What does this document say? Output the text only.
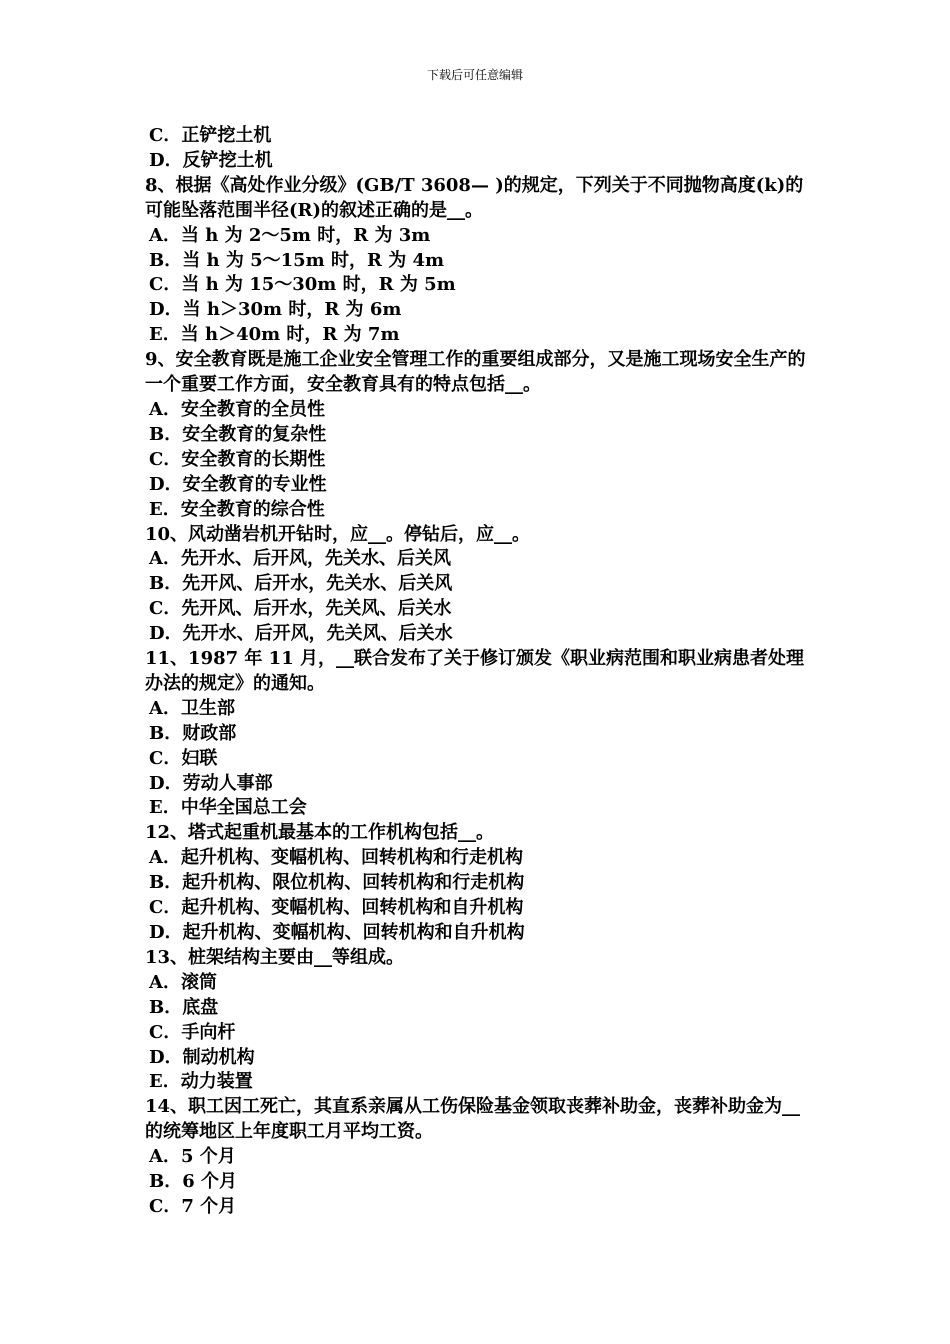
下载后可任意编辑

C．正铲挖土机

D．反铲挖土机

8、根据《高处作业分级》(GB/T 3608— )的规定，下列关于不同抛物高度(k)的可能坠落范围半径(R)的叙述正确的是__。

A．当 h 为 2～5m 时，R 为 3m

B．当 h 为 5～15m 时，R 为 4m

C．当 h 为 15～30m 时，R 为 5m

D．当 h＞30m 时，R 为 6m

E．当 h＞40m 时，R 为 7m

9、安全教育既是施工企业安全管理工作的重要组成部分，又是施工现场安全生产的一个重要工作方面，安全教育具有的特点包括__。

A．安全教育的全员性

B．安全教育的复杂性

C．安全教育的长期性

D．安全教育的专业性

E．安全教育的综合性

10、风动凿岩机开钻时，应__。停钻后，应__。

A．先开水、后开风，先关水、后关风

B．先开风、后开水，先关水、后关风

C．先开风、后开水，先关风、后关水

D．先开水、后开风，先关风、后关水

11、1987 年 11 月，__联合发布了关于修订颁发《职业病范围和职业病患者处理办法的规定》的通知。

A．卫生部

B．财政部

C．妇联

D．劳动人事部

E．中华全国总工会

12、塔式起重机最基本的工作机构包括__。

A．起升机构、变幅机构、回转机构和行走机构

B．起升机构、限位机构、回转机构和行走机构

C．起升机构、变幅机构、回转机构和自升机构

D．起升机构、变幅机构、回转机构和自升机构

13、桩架结构主要由__等组成。

A．滚筒

B．底盘

C．手向杆

D．制动机构

E．动力装置

14、职工因工死亡，其直系亲属从工伤保险基金领取丧葬补助金，丧葬补助金为__的统筹地区上年度职工月平均工资。

A．5 个月

B．6 个月

C．7 个月
